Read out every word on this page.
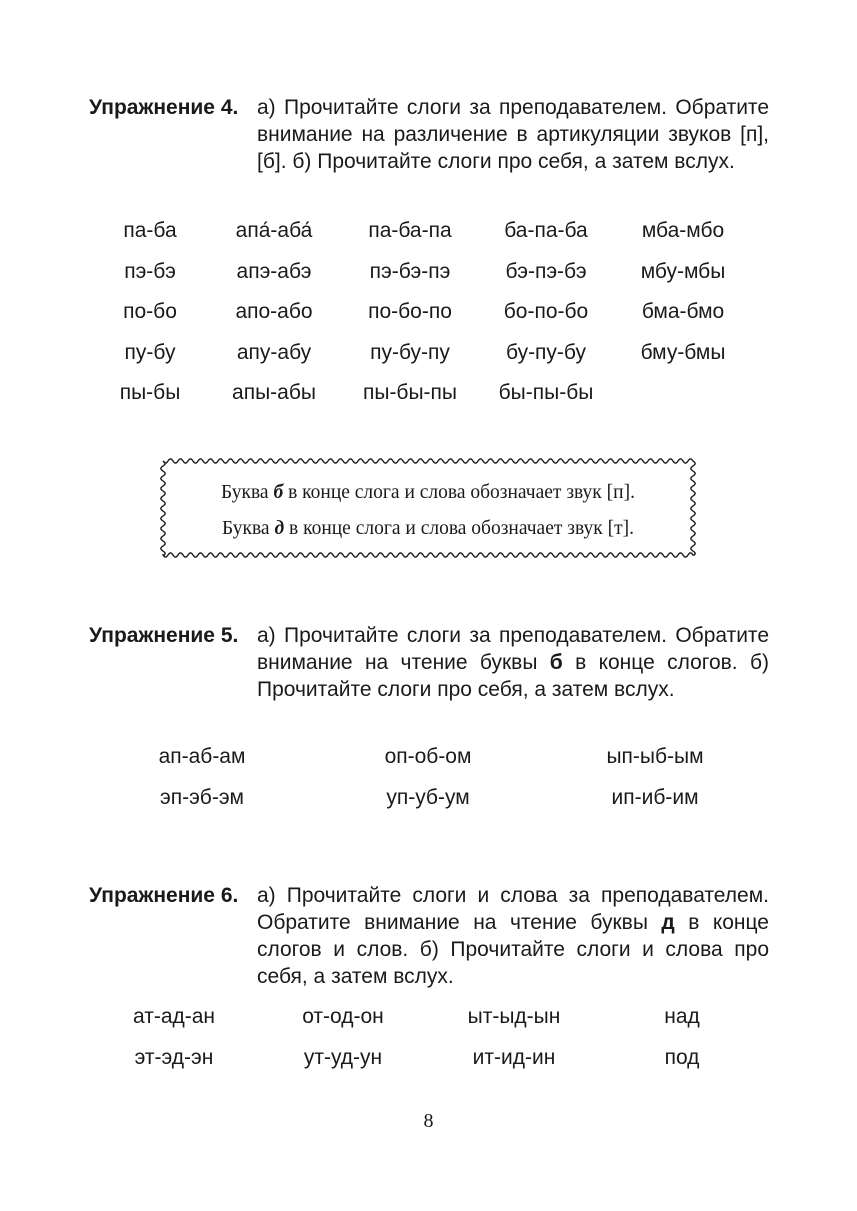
Упражнение 4. а) Прочитайте слоги за преподавателем. Обратите внимание на различение в артикуляции звуков [п], [б]. б) Прочитайте слоги про себя, а затем вслух.
па-ба	апа́-аба́	па-ба-па	ба-па-ба	мба-мбо
пэ-бэ	апэ-абэ	пэ-бэ-пэ	бэ-пэ-бэ	мбу-мбы
по-бо	апо-або	по-бо-по бо-по-бо	бма-бмо
пу-бу	апу-абу	пу-бу-пу	бу-пу-бу	бму-бмы
пы-бы апы-абы пы-бы-пы бы-пы-бы
Буква б в конце слога и слова обозначает звук [п].
Буква д в конце слога и слова обозначает звук [т].
Упражнение 5. а) Прочитайте слоги за преподавателем. Обратите внимание на чтение буквы б в конце слогов. б) Прочитайте слоги про себя, а затем вслух.
ап-аб-ам	оп-об-ом	ып-ыб-ым
эп-эб-эм	уп-уб-ум	ип-иб-им
Упражнение 6. а) Прочитайте слоги и слова за преподавателем. Обратите внимание на чтение буквы д в конце слогов и слов. б) Прочитайте слоги и слова про себя, а затем вслух.
ат-ад-ан	от-од-он	ыт-ыд-ын	над
эт-эд-эн	ут-уд-ун	ит-ид-ин	под
8
